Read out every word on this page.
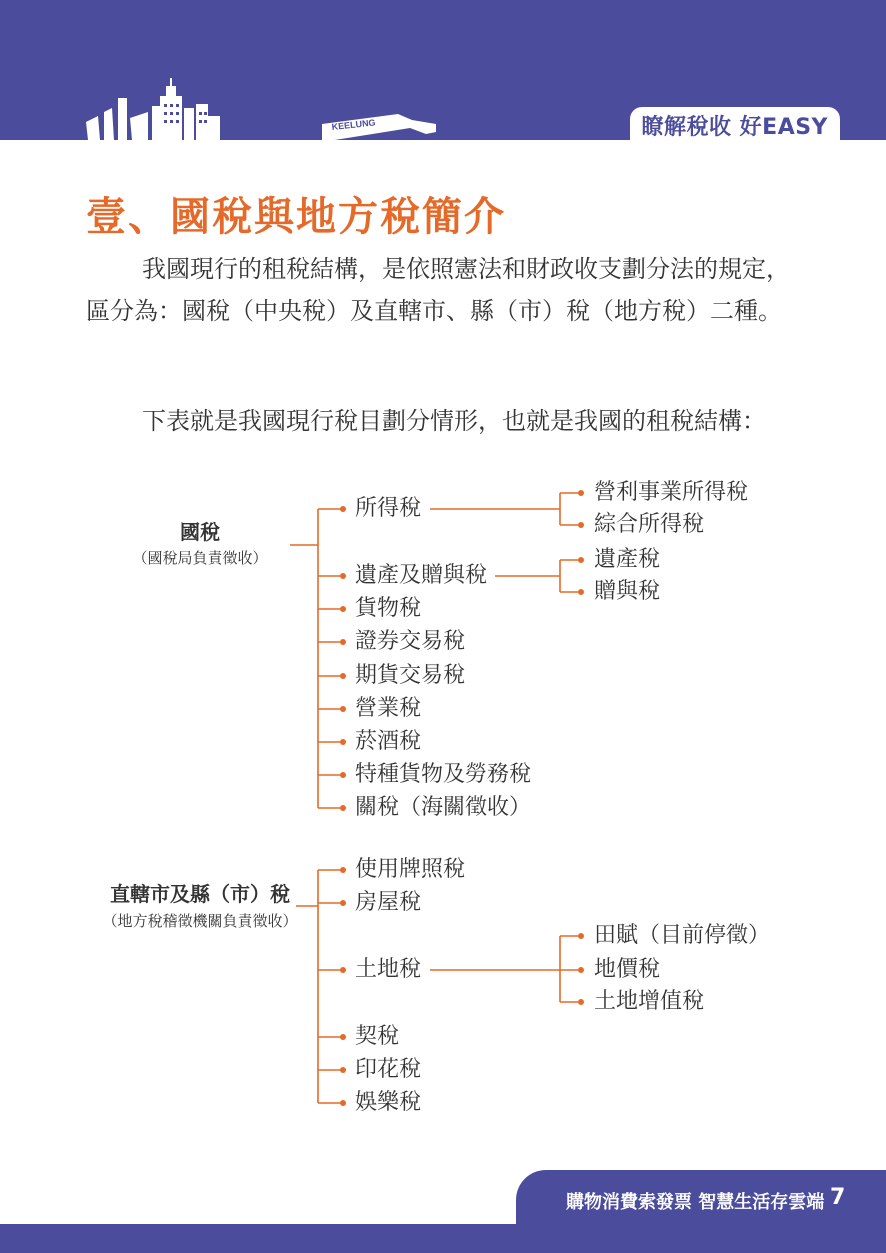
KEELUNG	瞭解稅收 好EASY
壹、國稅與地方稅簡介
我國現行的租稅結構，是依照憲法和財政收支劃分法的規定，區分為：國稅（中央稅）及直轄市、縣（市）稅（地方稅）二種。
下表就是我國現行稅目劃分情形，也就是我國的租稅結構：
國稅
（國稅局負責徵收）
所得稅
遺產及贈與稅
貨物稅
證券交易稅
期貨交易稅
營業稅
菸酒稅
特種貨物及勞務稅
關稅（海關徵收）
營利事業所得稅
綜合所得稅
遺產稅
贈與稅
直轄市及縣（市）稅
（地方稅稽徵機關負責徵收）
使用牌照稅
房屋稅
土地稅
契稅
印花稅
娛樂稅
田賦（目前停徵）
地價稅
土地增值稅
購物消費索發票 智慧生活存雲端 7
